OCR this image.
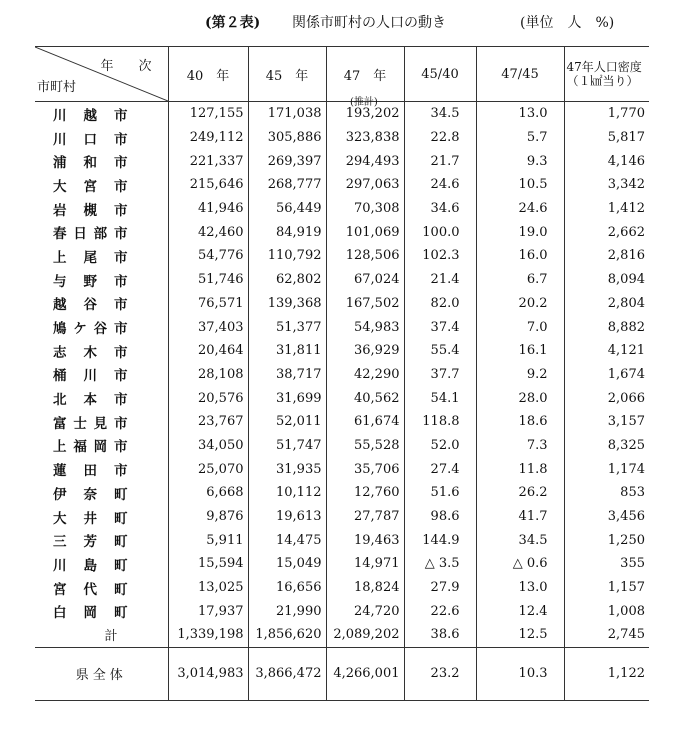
(第２表) 関係市町村の人口の動き	(単位　人　%)
年　次
市町村	40　年	45　年	47　年	45/40	47/45	47年人口密度（１㎢当り）
川越市	127,155	171,038	193,202	34.5	13.0	1,770
川口市	249,112	305,886	323,838	22.8	5.7	5,817
浦和市	221,337	269,397	294,493	21.7	9.3	4,146
大宮市	215,646	268,777	297,063	24.6	10.5	3,342
岩槻市	41,946	56,449	70,308	34.6	24.6	1,412
春日部市	42,460	84,919	101,069	100.0	19.0	2,662
上尾市	54,776	110,792	128,506	102.3	16.0	2,816
与野市	51,746	62,802	67,024	21.4	6.7	8,094
越谷市	76,571	139,368	167,502	82.0	20.2	2,804
鳩ケ谷市	37,403	51,377	54,983	37.4	7.0	8,882
志木市	20,464	31,811	36,929	55.4	16.1	4,121
桶川市	28,108	38,717	42,290	37.7	9.2	1,674
北本市	20,576	31,699	40,562	54.1	28.0	2,066
富士見市	23,767	52,011	61,674	118.8	18.6	3,157
上福岡市	34,050	51,747	55,528	52.0	7.3	8,325
蓮田市	25,070	31,935	35,706	27.4	11.8	1,174
伊奈町	6,668	10,112	12,760	51.6	26.2	853
大井町	9,876	19,613	27,787	98.6	41.7	3,456
三芳町	5,911	14,475	19,463	144.9	34.5	1,250
川島町	15,594	15,049	14,971	△ 3.5	△ 0.6	355
宮代町	13,025	16,656	18,824	27.9	13.0	1,157
白岡町	17,937	21,990	24,720	22.6	12.4	1,008
計	1,339,198	1,856,620	2,089,202	38.6	12.5	2,745
県全体	3,014,983	3,866,472	4,266,001	23.2	10.3	1,122
(推計)
